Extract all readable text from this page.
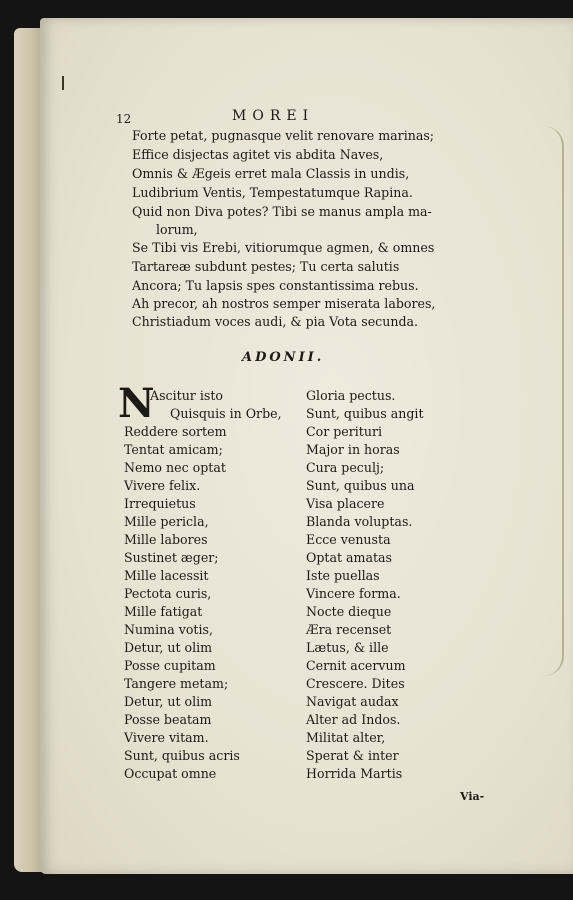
12	MOREI
Forte petat, pugnasque velit renovare marinas;
Effice disjectas agitet vis abdita Naves,
Omnis & Ægeis erret mala Classis in undis,
Ludibrium Ventis, Tempestatumque Rapina.
Quid non Diva potes? Tibi se manus ampla ma-
lorum,
Se Tibi vis Erebi, vitiorumque agmen, & omnes
Tartareæ subdunt pestes; Tu certa salutis
Ancora; Tu lapsis spes constantissima rebus.
Ah precor, ah nostros semper miserata labores,
Christiadum voces audi, & pia Vota secunda.
ADONII.
N
Ascitur isto
Quisquis in Orbe,
Reddere sortem
Tentat amicam;
Nemo nec optat
Vivere felix.
Irrequietus
Mille pericla,
Mille labores
Sustinet æger;
Mille lacessit
Pectota curis,
Mille fatigat
Numina votis,
Detur, ut olim
Posse cupitam
Tangere metam;
Detur, ut olim
Posse beatam
Vivere vitam.
Sunt, quibus acris
Occupat omne
Gloria pectus.
Sunt, quibus angit
Cor perituri
Major in horas
Cura peculj;
Sunt, quibus una
Visa placere
Blanda voluptas.
Ecce venusta
Optat amatas
Iste puellas
Vincere forma.
Nocte dieque
Æra recenset
Lætus, & ille
Cernit acervum
Crescere. Dites
Navigat audax
Alter ad Indos.
Militat alter,
Sperat & inter
Horrida Martis
Via-
